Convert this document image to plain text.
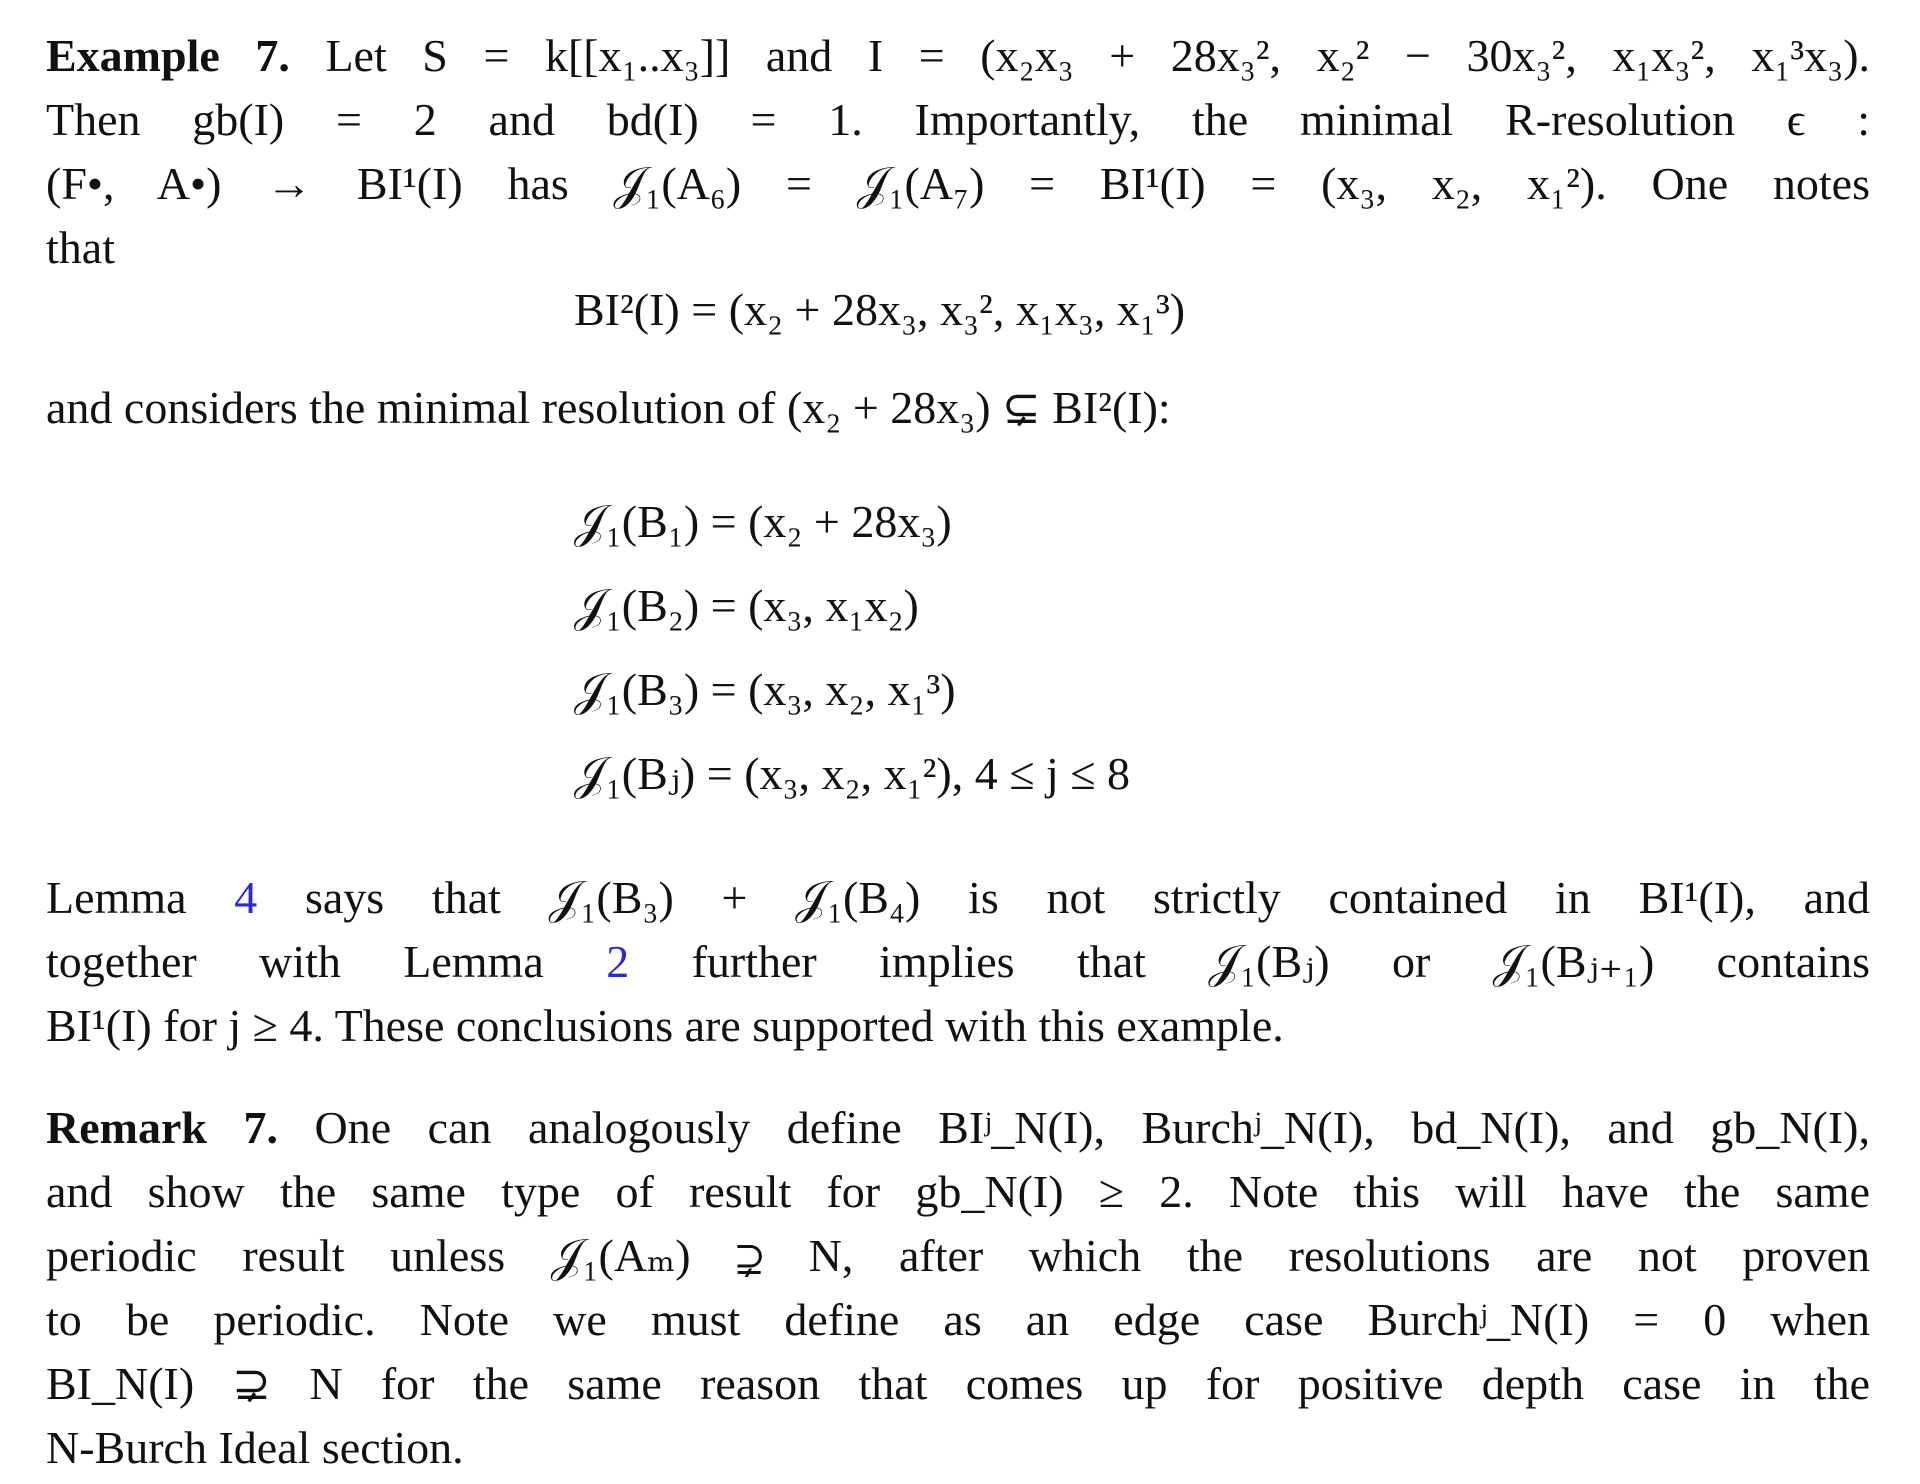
Example 7. Let S = k[[x₁..x₃]] and I = (x₂x₃ + 28x₃², x₂² − 30x₃², x₁x₃², x₁³x₃).
Then gb(I) = 2 and bd(I) = 1. Importantly, the minimal R-resolution ϵ :
(F•, A•) → BI¹(I) has 𝒥₁(A₆) = 𝒥₁(A₇) = BI¹(I) = (x₃, x₂, x₁²). One notes
that
BI²(I) = (x₂ + 28x₃, x₃², x₁x₃, x₁³)
and considers the minimal resolution of (x₂ + 28x₃) ⊊ BI²(I):
𝒥₁(B₁) = (x₂ + 28x₃)
𝒥₁(B₂) = (x₃, x₁x₂)
𝒥₁(B₃) = (x₃, x₂, x₁³)
𝒥₁(Bⱼ) = (x₃, x₂, x₁²), 4 ≤ j ≤ 8
Lemma 4 says that 𝒥₁(B₃) + 𝒥₁(B₄) is not strictly contained in BI¹(I), and
together with Lemma 2 further implies that 𝒥₁(Bⱼ) or 𝒥₁(Bⱼ₊₁) contains
BI¹(I) for j ≥ 4. These conclusions are supported with this example.
Remark 7. One can analogously define BIʲ_N(I), Burchʲ_N(I), bd_N(I), and gb_N(I),
and show the same type of result for gb_N(I) ≥ 2. Note this will have the same
periodic result unless 𝒥₁(Aₘ) ⊋ N, after which the resolutions are not proven
to be periodic. Note we must define as an edge case Burchʲ_N(I) = 0 when
BI_N(I) ⊋ N for the same reason that comes up for positive depth case in the
N-Burch Ideal section.
